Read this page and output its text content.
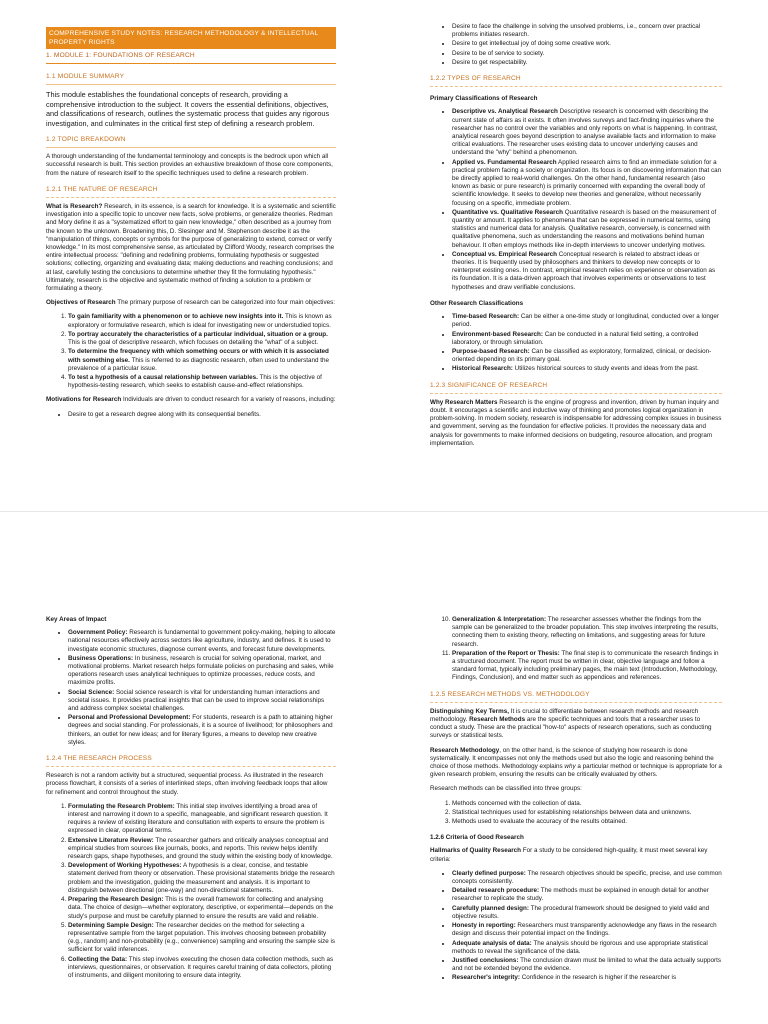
COMPREHENSIVE STUDY NOTES: RESEARCH METHODOLOGY & INTELLECTUAL PROPERTY RIGHTS
1. MODULE 1: FOUNDATIONS OF RESEARCH
1.1 MODULE SUMMARY

This module establishes the foundational concepts of research, providing a comprehensive introduction to the subject. It covers the essential definitions, objectives, and classifications of research, outlines the systematic process that guides any rigorous investigation, and culminates in the critical first step of defining a research problem.

1.2 TOPIC BREAKDOWN

A thorough understanding of the fundamental terminology and concepts is the bedrock upon which all successful research is built. This section provides an exhaustive breakdown of those core components, from the nature of research itself to the specific techniques used to define a research problem.

1.2.1 THE NATURE OF RESEARCH

What is Research? Research, in its essence, is a search for knowledge. It is a systematic and scientific investigation into a specific topic to uncover new facts, solve problems, or generalize theories. Redman and Mory define it as a "systematized effort to gain new knowledge," often described as a journey from the known to the unknown. Broadening this, D. Slesinger and M. Stephenson describe it as the "manipulation of things, concepts or symbols for the purpose of generalizing to extend, correct or verify knowledge." In its most comprehensive sense, as articulated by Clifford Woody, research comprises the entire intellectual process: "defining and redefining problems, formulating hypothesis or suggested solutions; collecting, organizing and evaluating data; making deductions and reaching conclusions; and at last, carefully testing the conclusions to determine whether they fit the formulating hypothesis." Ultimately, research is the objective and systematic method of finding a solution to a problem or formulating a theory.

Objectives of Research The primary purpose of research can be categorized into four main objectives:

1. To gain familiarity with a phenomenon or to achieve new insights into it. This is known as exploratory or formulative research, which is ideal for investigating new or understudied topics.
2. To portray accurately the characteristics of a particular individual, situation or a group. This is the goal of descriptive research, which focuses on detailing the "what" of a subject.
3. To determine the frequency with which something occurs or with which it is associated with something else. This is referred to as diagnostic research, often used to understand the prevalence of a particular issue.
4. To test a hypothesis of a causal relationship between variables. This is the objective of hypothesis-testing research, which seeks to establish cause-and-effect relationships.

Motivations for Research Individuals are driven to conduct research for a variety of reasons, including:

• Desire to get a research degree along with its consequential benefits.
• Desire to face the challenge in solving the unsolved problems, i.e., concern over practical problems initiates research.
• Desire to get intellectual joy of doing some creative work.
• Desire to be of service to society.
• Desire to get respectability.
1.2.2 TYPES OF RESEARCH
Primary Classifications of Research
• Descriptive vs. Analytical Research Descriptive research is concerned with describing the current state of affairs as it exists. It often involves surveys and fact-finding inquiries where the researcher has no control over the variables and only reports on what is happening. In contrast, analytical research goes beyond description to analyse available facts and information to make critical evaluations. The researcher uses existing data to uncover underlying causes and understand the "why" behind a phenomenon.
• Applied vs. Fundamental Research Applied research aims to find an immediate solution for a practical problem facing a society or organization. Its focus is on discovering information that can be directly applied to real-world challenges. On the other hand, fundamental research (also known as basic or pure research) is primarily concerned with expanding the overall body of scientific knowledge. It seeks to develop new theories and generalize, without necessarily focusing on a specific, immediate problem.
• Quantitative vs. Qualitative Research Quantitative research is based on the measurement of quantity or amount. It applies to phenomena that can be expressed in numerical terms, using statistics and numerical data for analysis. Qualitative research, conversely, is concerned with qualitative phenomena, such as understanding the reasons and motivations behind human behaviour. It often employs methods like in-depth interviews to uncover underlying motives.
• Conceptual vs. Empirical Research Conceptual research is related to abstract ideas or theories. It is frequently used by philosophers and thinkers to develop new concepts or to reinterpret existing ones. In contrast, empirical research relies on experience or observation as its foundation. It is a data-driven approach that involves experiments or observations to test hypotheses and draw verifiable conclusions.
Other Research Classifications
• Time-based Research: Can be either a one-time study or longitudinal, conducted over a longer period.
• Environment-based Research: Can be conducted in a natural field setting, a controlled laboratory, or through simulation.
• Purpose-based Research: Can be classified as exploratory, formalized, clinical, or decision-oriented depending on its primary goal.
• Historical Research: Utilizes historical sources to study events and ideas from the past.
1.2.3 SIGNIFICANCE OF RESEARCH

Why Research Matters Research is the engine of progress and invention, driven by human inquiry and doubt. It encourages a scientific and inductive way of thinking and promotes logical organization in problem-solving. In modern society, research is indispensable for addressing complex issues in business and government, serving as the foundation for effective policies. It provides the necessary data and analysis for governments to make informed decisions on budgeting, resource allocation, and program implementation.

Key Areas of Impact
• Government Policy: Research is fundamental to government policy-making, helping to allocate national resources effectively across sectors like agriculture, industry, and defines. It is used to investigate economic structures, diagnose current events, and forecast future developments.
• Business Operations: In business, research is crucial for solving operational, market, and motivational problems. Market research helps formulate policies on purchasing and sales, while operations research uses analytical techniques to optimize processes, reduce costs, and maximize profits.
• Social Science: Social science research is vital for understanding human interactions and societal issues. It provides practical insights that can be used to improve social relationships and address complex societal challenges.
• Personal and Professional Development: For students, research is a path to attaining higher degrees and social standing. For professionals, it is a source of livelihood; for philosophers and thinkers, an outlet for new ideas; and for literary figures, a means to develop new creative styles.
1.2.4 THE RESEARCH PROCESS

Research is not a random activity but a structured, sequential process. As illustrated in the research process flowchart, it consists of a series of interlinked steps, often involving feedback loops that allow for refinement and control throughout the study.

1. Formulating the Research Problem: This initial step involves identifying a broad area of interest and narrowing it down to a specific, manageable, and significant research question. It requires a review of existing literature and consultation with experts to ensure the problem is expressed in clear, operational terms.
2. Extensive Literature Review: The researcher gathers and critically analyses conceptual and empirical studies from sources like journals, books, and reports. This review helps identify research gaps, shape hypotheses, and ground the study within the existing body of knowledge.
3. Development of Working Hypotheses: A hypothesis is a clear, concise, and testable statement derived from theory or observation. These provisional statements bridge the research problem and the investigation, guiding the measurement and analysis. It is important to distinguish between directional (one-way) and non-directional statements.
4. Preparing the Research Design: This is the overall framework for collecting and analysing data. The choice of design—whether exploratory, descriptive, or experimental—depends on the study's purpose and must be carefully planned to ensure the results are valid and reliable.
5. Determining Sample Design: The researcher decides on the method for selecting a representative sample from the target population. This involves choosing between probability (e.g., random) and non-probability (e.g., convenience) sampling and ensuring the sample size is sufficient for valid inferences.
6. Collecting the Data: This step involves executing the chosen data collection methods, such as interviews, questionnaires, or observation. It requires careful training of data collectors, piloting of instruments, and diligent monitoring to ensure data integrity.
10. Generalization & Interpretation: The researcher assesses whether the findings from the sample can be generalized to the broader population. This step involves interpreting the results, connecting them to existing theory, reflecting on limitations, and suggesting areas for future research.
11. Preparation of the Report or Thesis: The final step is to communicate the research findings in a structured document. The report must be written in clear, objective language and follow a standard format, typically including preliminary pages, the main text (Introduction, Methodology, Findings, Conclusion), and end matter such as appendices and references.
1.2.5 RESEARCH METHODS VS. METHODOLOGY

Distinguishing Key Terms, It is crucial to differentiate between research methods and research methodology. Research Methods are the specific techniques and tools that a researcher uses to conduct a study. These are the practical "how-to" aspects of research operations, such as conducting surveys or statistical tests.

Research Methodology, on the other hand, is the science of studying how research is done systematically. It encompasses not only the methods used but also the logic and reasoning behind the choice of those methods. Methodology explains why a particular method or technique is appropriate for a given research problem, ensuring the results can be critically evaluated by others.

Research methods can be classified into three groups:

1. Methods concerned with the collection of data.
2. Statistical techniques used for establishing relationships between data and unknowns.
3. Methods used to evaluate the accuracy of the results obtained.
1.2.6 Criteria of Good Research

Hallmarks of Quality Research For a study to be considered high-quality, it must meet several key criteria:

• Clearly defined purpose: The research objectives should be specific, precise, and use common concepts consistently.
• Detailed research procedure: The methods must be explained in enough detail for another researcher to replicate the study.
• Carefully planned design: The procedural framework should be designed to yield valid and objective results.
• Honesty in reporting: Researchers must transparently acknowledge any flaws in the research design and discuss their potential impact on the findings.
• Adequate analysis of data: The analysis should be rigorous and use appropriate statistical methods to reveal the significance of the data.
• Justified conclusions: The conclusion drawn must be limited to what the data actually supports and not be extended beyond the evidence.
• Researcher's integrity: Confidence in the research is higher if the researcher is
